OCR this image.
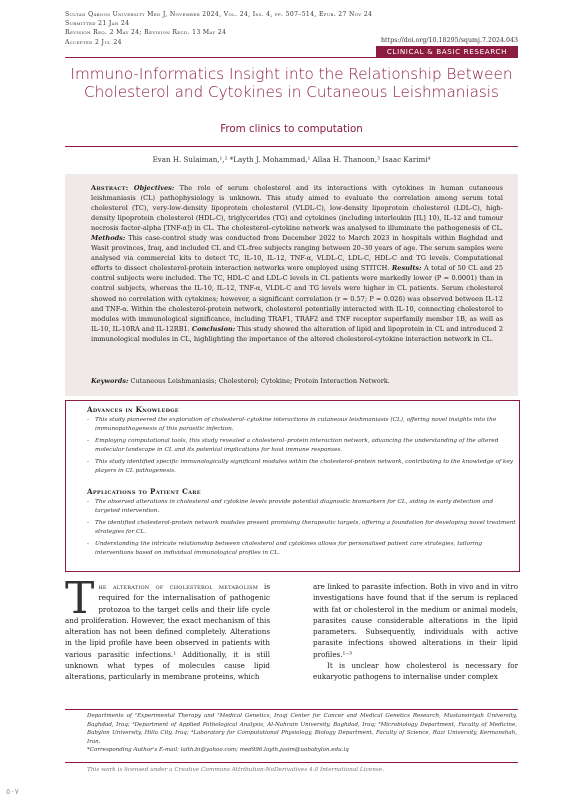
Sultan Qaboos University Med J, November 2024, Vol. 24, Iss. 4, pp. 507–514, Epub. 27 Nov 24
Submitted 21 Jan 24
Revision Req. 2 May 24; Revision Recd. 13 May 24
Accepted 2 Jul 24	https://doi.org/10.18295/squmj.7.2024.043
CLINICAL & BASIC RESEARCH
Immuno-Informatics Insight into the Relationship Between Cholesterol and Cytokines in Cutaneous Leishmaniasis
From clinics to computation
Evan H. Sulaiman,¹,² *Layth J. Mohammad,¹ Allaa H. Thanoon,³ Isaac Karimi⁴
Abstract: Objectives: The role of serum cholesterol and its interactions with cytokines in human cutaneous leishmaniasis (CL) pathophysiology is unknown. This study aimed to evaluate the correlation among serum total cholesterol (TC), very-low-density lipoprotein cholesterol (VLDL-C), low-density lipoprotein cholesterol (LDL-C), high-density lipoprotein cholesterol (HDL-C), triglycerides (TG) and cytokines (including interleukin [IL] 10), IL-12 and tumour necrosis factor-alpha [TNF-α]) in CL. The cholesterol–cytokine network was analysed to illuminate the pathogenesis of CL. Methods: This case-control study was conducted from December 2022 to March 2023 in hospitals within Baghdad and Wasit provinces, Iraq, and included CL and CL-free subjects ranging between 20–30 years of age. The serum samples were analysed via commercial kits to detect TC, IL-10, IL-12, TNF-α, VLDL-C, LDL-C, HDL-C and TG levels. Computational efforts to dissect cholesterol-protein interaction networks were employed using STITCH. Results: A total of 50 CL and 25 control subjects were included. The TC, HDL-C and LDL-C levels in CL patients were markedly lower (P = 0.0001) than in control subjects, whereas the IL-10, IL-12, TNF-α, VLDL-C and TG levels were higher in CL patients. Serum cholesterol showed no correlation with cytokines; however, a significant correlation (r = 0.57; P = 0.026) was observed between IL-12 and TNF-α. Within the cholesterol-protein network, cholesterol potentially interacted with IL-10, connecting cholesterol to modules with immunological significance, including TRAF1, TRAF2 and TNF receptor superfamily member 1B, as well as IL-10, IL-10RA and IL-12RB1. Conclusion: This study showed the alteration of lipid and lipoprotein in CL and introduced 2 immunological modules in CL, highlighting the importance of the altered cholesterol-cytokine interaction network in CL.
Keywords: Cutaneous Leishmaniasis; Cholesterol; Cytokine; Protein Interaction Network.
Advances in Knowledge
-	This study pioneered the exploration of cholesterol–cytokine interactions in cutaneous leishmaniasis (CL), offering novel insights into the immunopathogenesis of this parasitic infection.
-	Employing computational tools, this study revealed a cholesterol–protein interaction network, advancing the understanding of the altered molecular landscape in CL and its potential implications for host immune responses.
-	This study identified specific immunologically significant modules within the cholesterol-protein network, contributing to the knowledge of key players in CL pathogenesis.
Applications to Patient Care
-	The observed alterations in cholesterol and cytokine levels provide potential diagnostic biomarkers for CL, aiding in early detection and targeted intervention.
-	The identified cholesterol-protein network modules present promising therapeutic targets, offering a foundation for developing novel treatment strategies for CL.
-	Understanding the intricate relationship between cholesterol and cytokines allows for personalised patient care strategies, tailoring interventions based on individual immunological profiles in CL.
The alteration of cholesterol metabolism is required for the internalisation of pathogenic protozoa to the target cells and their life cycle and proliferation. However, the exact mechanism of this alteration has not been defined completely. Alterations in the lipid profile have been observed in patients with various parasitic infections.¹ Additionally, it is still unknown what types of molecules cause lipid alterations, particularly in membrane proteins, which
are linked to parasite infection. Both in vivo and in vitro investigations have found that if the serum is replaced with fat or cholesterol in the medium or animal models, parasites cause considerable alterations in the lipid parameters. Subsequently, individuals with active parasite infections showed alterations in their lipid profiles.¹⁻³
It is unclear how cholesterol is necessary for eukaryotic pathogens to internalise under complex
Departments of ¹Experimental Therapy and ²Medical Genetics, Iraqi Center for Cancer and Medical Genetics Research, Mustansiriyah University, Baghdad, Iraq; ³Department of Applied Pathological Analysis, Al-Nahrain University, Baghdad, Iraq; ³Microbiology Department, Faculty of Medicine, Babylon University, Hilla City, Iraq; ⁴Laboratory for Computational Physiology, Biology Department, Faculty of Science, Razi University, Kermanshah, Iran.
*Corresponding Author's E-mail: laith.bi@yahoo.com; med996.layth.jasim@uobabylon.edu.iq
This work is licensed under a Creative Commons Attribution-NoDerivatives 4.0 International License.
٥٠٧
